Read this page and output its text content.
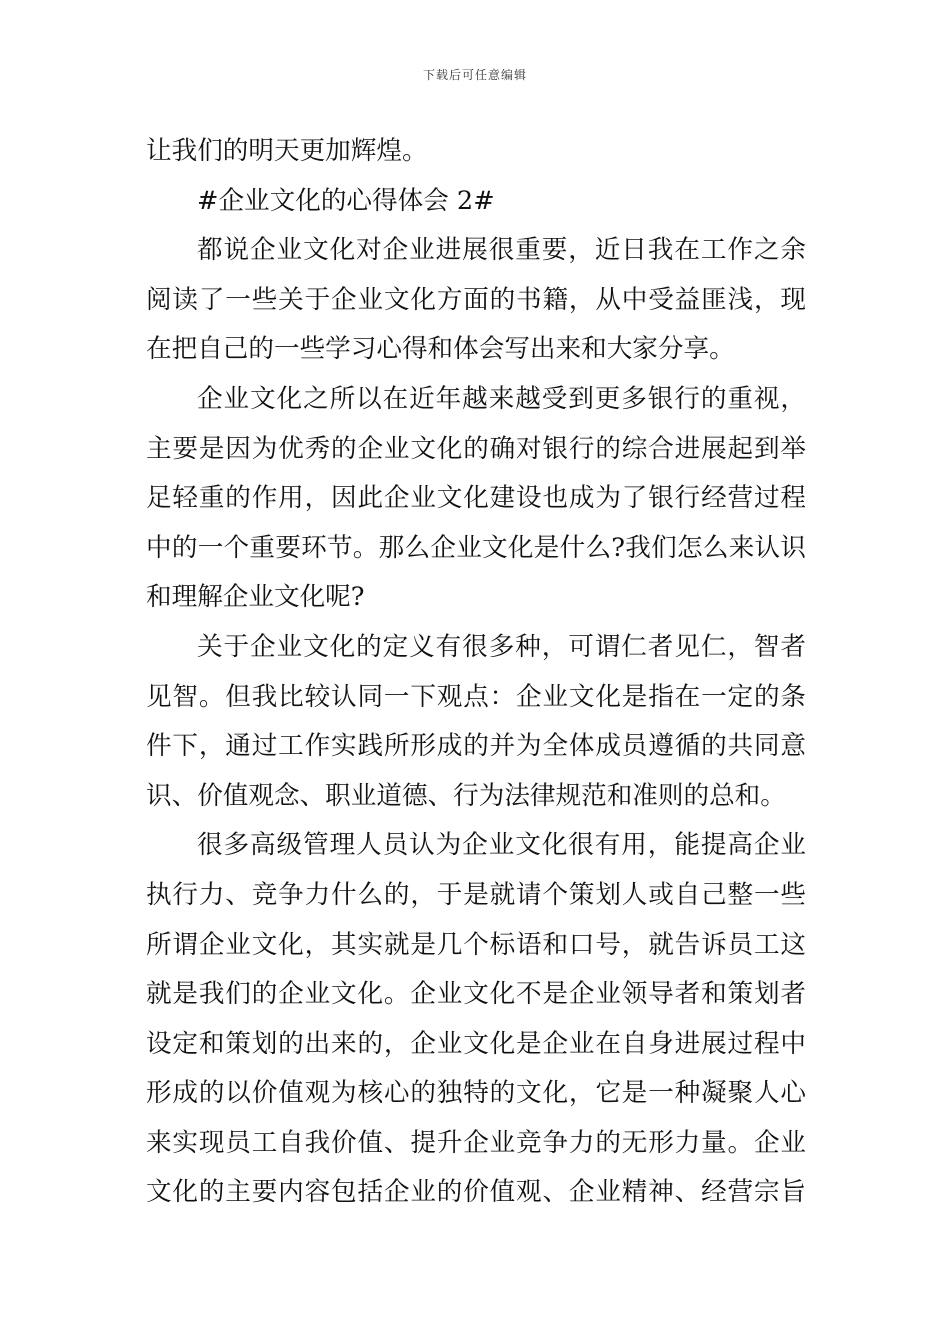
下载后可任意编辑
让我们的明天更加辉煌。
#企业文化的心得体会 2#
都说企业文化对企业进展很重要，近日我在工作之余
阅读了一些关于企业文化方面的书籍，从中受益匪浅，现
在把自己的一些学习心得和体会写出来和大家分享。
企业文化之所以在近年越来越受到更多银行的重视，
主要是因为优秀的企业文化的确对银行的综合进展起到举
足轻重的作用，因此企业文化建设也成为了银行经营过程
中的一个重要环节。那么企业文化是什么?我们怎么来认识
和理解企业文化呢?
关于企业文化的定义有很多种，可谓仁者见仁，智者
见智。但我比较认同一下观点：企业文化是指在一定的条
件下，通过工作实践所形成的并为全体成员遵循的共同意
识、价值观念、职业道德、行为法律规范和准则的总和。
很多高级管理人员认为企业文化很有用，能提高企业
执行力、竞争力什么的，于是就请个策划人或自己整一些
所谓企业文化，其实就是几个标语和口号，就告诉员工这
就是我们的企业文化。企业文化不是企业领导者和策划者
设定和策划的出来的，企业文化是企业在自身进展过程中
形成的以价值观为核心的独特的文化，它是一种凝聚人心
来实现员工自我价值、提升企业竞争力的无形力量。企业
文化的主要内容包括企业的价值观、企业精神、经营宗旨
